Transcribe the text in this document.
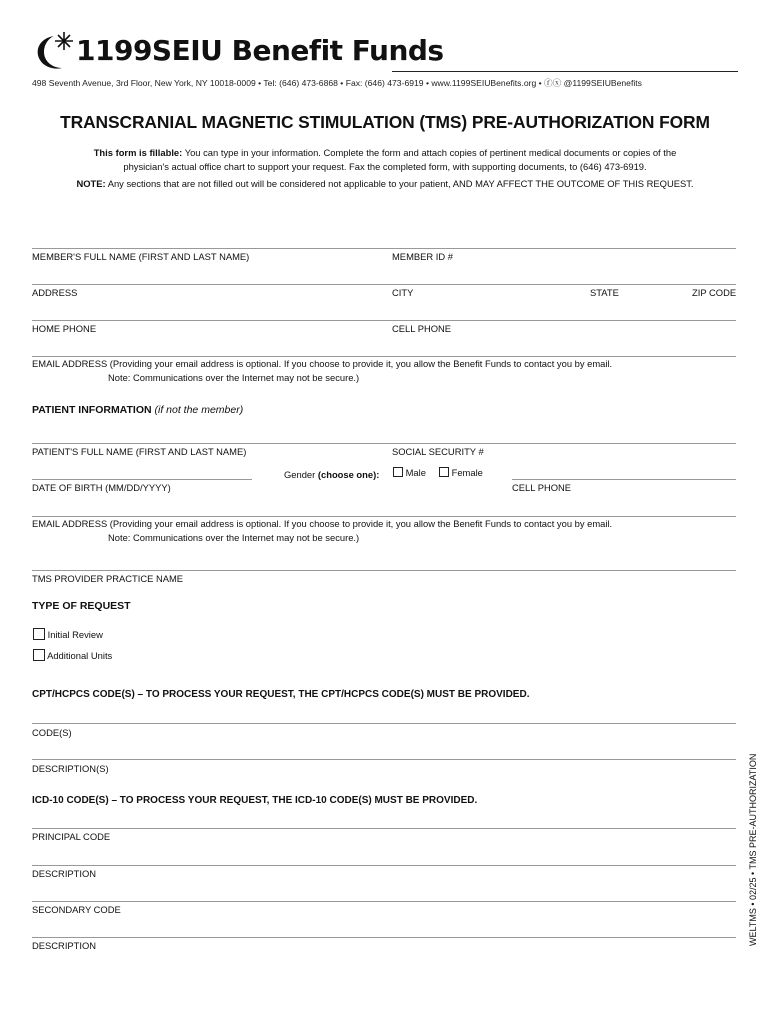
1199SEIU Benefit Funds
498 Seventh Avenue, 3rd Floor, New York, NY 10018-0009 • Tel: (646) 473-6868 • Fax: (646) 473-6919 • www.1199SEIUBenefits.org • ⓕⓧ @1199SEIUBenefits
TRANSCRANIAL MAGNETIC STIMULATION (TMS) PRE-AUTHORIZATION FORM
This form is fillable: You can type in your information. Complete the form and attach copies of pertinent medical documents or copies of the physician's actual office chart to support your request. Fax the completed form, with supporting documents, to (646) 473-6919.
NOTE: Any sections that are not filled out will be considered not applicable to your patient, AND MAY AFFECT THE OUTCOME OF THIS REQUEST.
MEMBER'S FULL NAME (FIRST AND LAST NAME)	MEMBER ID #
ADDRESS	CITY	STATE	ZIP CODE
HOME PHONE	CELL PHONE
EMAIL ADDRESS (Providing your email address is optional. If you choose to provide it, you allow the Benefit Funds to contact you by email.
Note: Communications over the Internet may not be secure.)
PATIENT INFORMATION (if not the member)
PATIENT'S FULL NAME (FIRST AND LAST NAME)	SOCIAL SECURITY #
Gender (choose one):	Male	Female
DATE OF BIRTH (MM/DD/YYYY)	CELL PHONE
EMAIL ADDRESS (Providing your email address is optional. If you choose to provide it, you allow the Benefit Funds to contact you by email.
Note: Communications over the Internet may not be secure.)
TMS PROVIDER PRACTICE NAME
TYPE OF REQUEST
Initial Review
Additional Units
CPT/HCPCS CODE(S) – TO PROCESS YOUR REQUEST, THE CPT/HCPCS CODE(S) MUST BE PROVIDED.
CODE(S)
DESCRIPTION(S)
ICD-10 CODE(S) – TO PROCESS YOUR REQUEST, THE ICD-10 CODE(S) MUST BE PROVIDED.
PRINCIPAL CODE
DESCRIPTION
SECONDARY CODE
DESCRIPTION	WELTMS • 02/25 • TMS PRE-AUTHORIZATION
